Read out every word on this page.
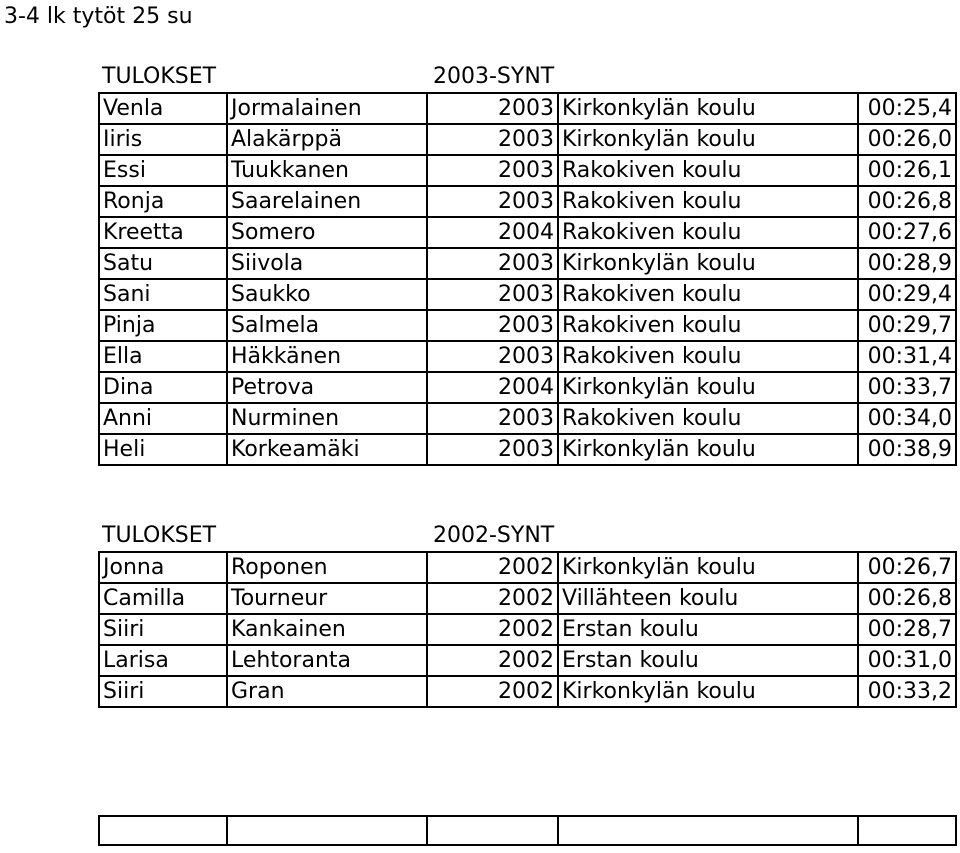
3-4 lk tytöt 25 su
TULOKSET	2003-SYNT
Venla	Jormalainen	2003	Kirkonkylän koulu	00:25,4
Iiris	Alakärppä	2003	Kirkonkylän koulu	00:26,0
Essi	Tuukkanen	2003	Rakokiven koulu	00:26,1
Ronja	Saarelainen	2003	Rakokiven koulu	00:26,8
Kreetta	Somero	2004	Rakokiven koulu	00:27,6
Satu	Siivola	2003	Kirkonkylän koulu	00:28,9
Sani	Saukko	2003	Rakokiven koulu	00:29,4
Pinja	Salmela	2003	Rakokiven koulu	00:29,7
Ella	Häkkänen	2003	Rakokiven koulu	00:31,4
Dina	Petrova	2004	Kirkonkylän koulu	00:33,7
Anni	Nurminen	2003	Rakokiven koulu	00:34,0
Heli	Korkeamäki	2003	Kirkonkylän koulu	00:38,9
TULOKSET	2002-SYNT
Jonna	Roponen	2002	Kirkonkylän koulu	00:26,7
Camilla	Tourneur	2002	Villähteen koulu	00:26,8
Siiri	Kankainen	2002	Erstan koulu	00:28,7
Larisa	Lehtoranta	2002	Erstan koulu	00:31,0
Siiri	Gran	2002	Kirkonkylän koulu	00:33,2
